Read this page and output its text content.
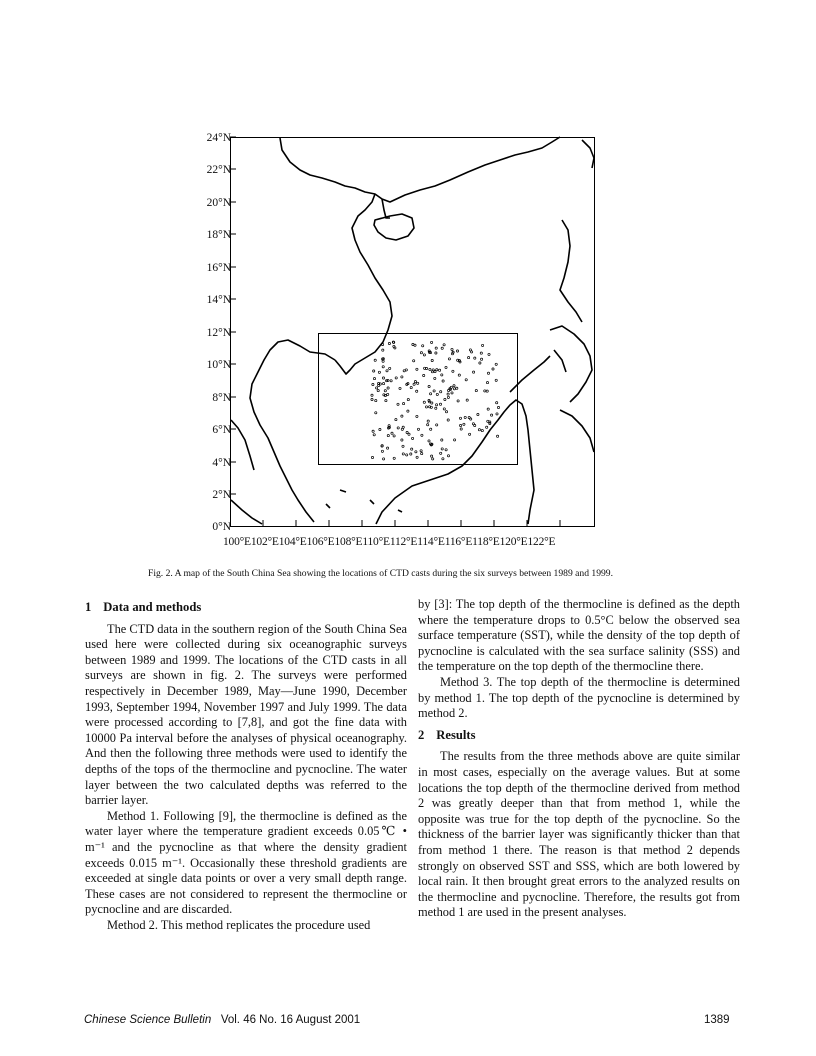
24°N
22°N
20°N
18°N
16°N
14°N
12°N
10°N
8°N
6°N
4°N
2°N
0°N
100°E102°E104°E106°E108°E110°E112°E114°E116°E118°E120°E122°E
Fig. 2. A map of the South China Sea showing the locations of CTD casts during the six surveys between 1989 and 1999.
1 Data and methods

The CTD data in the southern region of the South China Sea used here were collected during six oceanographic surveys between 1989 and 1999. The locations of the CTD casts in all surveys are shown in fig. 2. The surveys were performed respectively in December 1989, May—June 1990, December 1993, September 1994, November 1997 and July 1999. The data were processed according to [7,8], and got the fine data with 10000 Pa interval before the analyses of physical oceanography. And then the following three methods were used to identify the depths of the tops of the thermocline and pycnocline. The water layer between the two calculated depths was referred to the barrier layer.

Method 1. Following [9], the thermocline is defined as the water layer where the temperature gradient exceeds 0.05℃ • m⁻¹ and the pycnocline as that where the density gradient exceeds 0.015 m⁻¹. Occasionally these threshold gradients are exceeded at single data points or over a very small depth range. These cases are not considered to represent the thermocline or pycnocline and are discarded.

Method 2. This method replicates the procedure used

by [3]: The top depth of the thermocline is defined as the depth where the temperature drops to 0.5°C below the observed sea surface temperature (SST), while the density of the top depth of pycnocline is calculated with the sea surface salinity (SSS) and the temperature on the top depth of the thermocline there.

Method 3. The top depth of the thermocline is determined by method 1. The top depth of the pycnocline is determined by method 2.

2 Results

The results from the three methods above are quite similar in most cases, especially on the average values. But at some locations the top depth of the thermocline derived from method 2 was greatly deeper than that from method 1, while the opposite was true for the top depth of the pycnocline. So the thickness of the barrier layer was significantly thicker than that from method 1 there. The reason is that method 2 depends strongly on observed SST and SSS, which are both lowered by local rain. It then brought great errors to the analyzed results on the thermocline and pycnocline. Therefore, the results got from method 1 are used in the present analyses.

Chinese Science Bulletin Vol. 46 No. 16 August 2001	1389
